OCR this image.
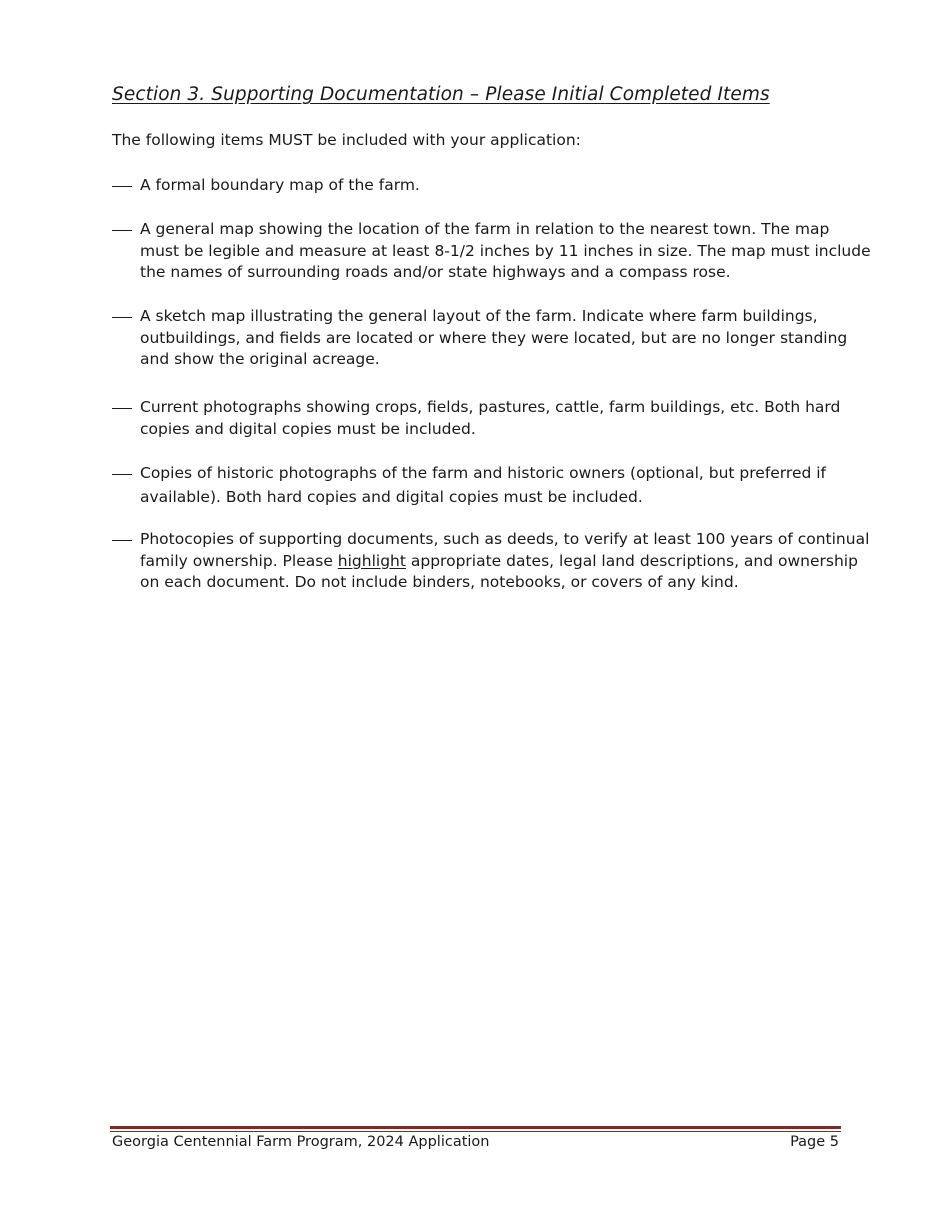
Section 3. Supporting Documentation – Please Initial Completed Items

The following items MUST be included with your application:

A formal boundary map of the farm.
A general map showing the location of the farm in relation to the nearest town. The map
must be legible and measure at least 8-1/2 inches by 11 inches in size. The map must include
the names of surrounding roads and/or state highways and a compass rose.
A sketch map illustrating the general layout of the farm. Indicate where farm buildings,
outbuildings, and fields are located or where they were located, but are no longer standing
and show the original acreage.
Current photographs showing crops, fields, pastures, cattle, farm buildings, etc. Both hard
copies and digital copies must be included.
Copies of historic photographs of the farm and historic owners (optional, but preferred if
available). Both hard copies and digital copies must be included.
Photocopies of supporting documents, such as deeds, to verify at least 100 years of continual
family ownership. Please highlight appropriate dates, legal land descriptions, and ownership
on each document. Do not include binders, notebooks, or covers of any kind.
Georgia Centennial Farm Program, 2024 Application	Page 5
